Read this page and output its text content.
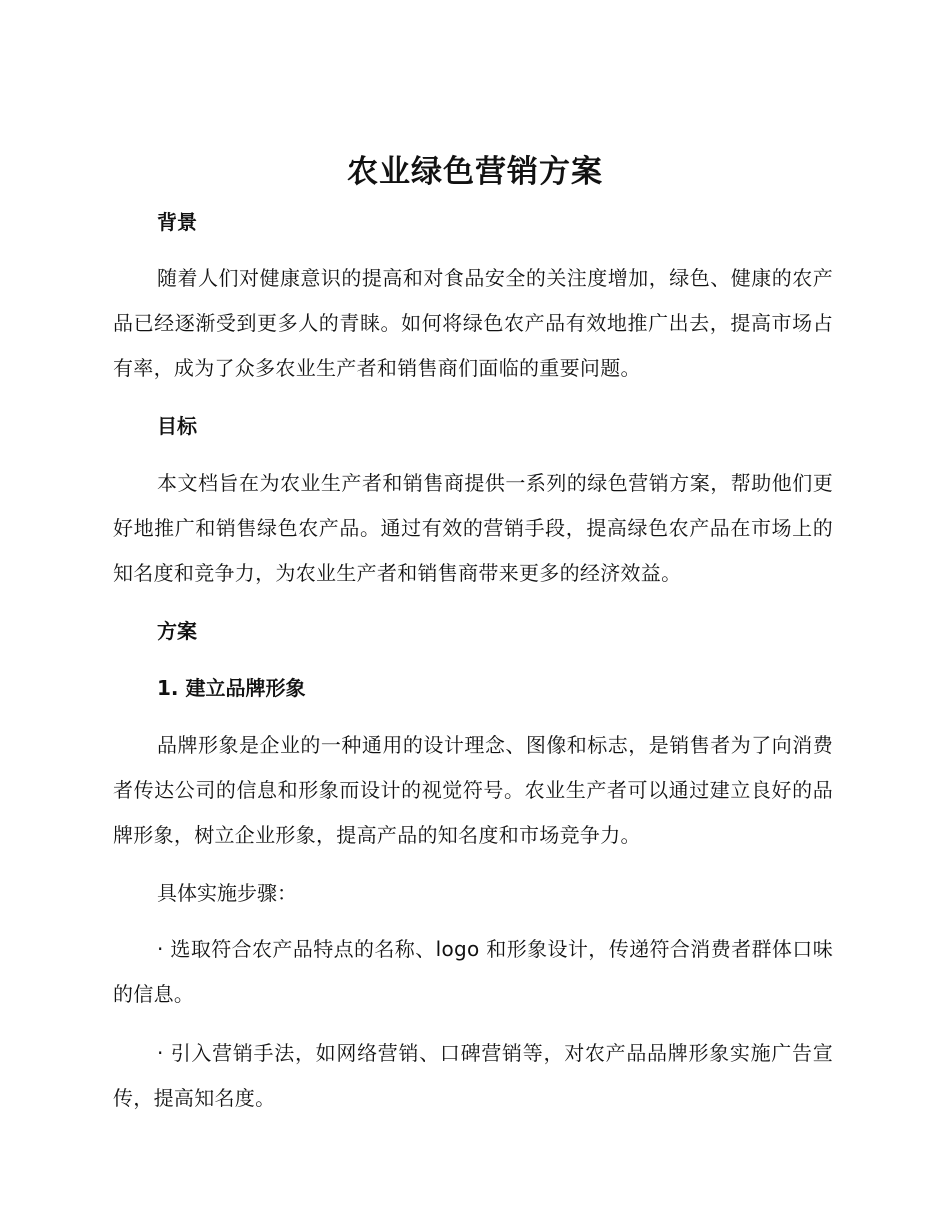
农业绿色营销方案
背景
随着人们对健康意识的提高和对食品安全的关注度增加，绿色、健康的农产品已经逐渐受到更多人的青睐。如何将绿色农产品有效地推广出去，提高市场占有率，成为了众多农业生产者和销售商们面临的重要问题。
目标
本文档旨在为农业生产者和销售商提供一系列的绿色营销方案，帮助他们更好地推广和销售绿色农产品。通过有效的营销手段，提高绿色农产品在市场上的知名度和竞争力，为农业生产者和销售商带来更多的经济效益。
方案
1. 建立品牌形象
品牌形象是企业的一种通用的设计理念、图像和标志，是销售者为了向消费者传达公司的信息和形象而设计的视觉符号。农业生产者可以通过建立良好的品牌形象，树立企业形象，提高产品的知名度和市场竞争力。
具体实施步骤：
· 选取符合农产品特点的名称、logo 和形象设计，传递符合消费者群体口味的信息。
· 引入营销手法，如网络营销、口碑营销等，对农产品品牌形象实施广告宣传，提高知名度。
